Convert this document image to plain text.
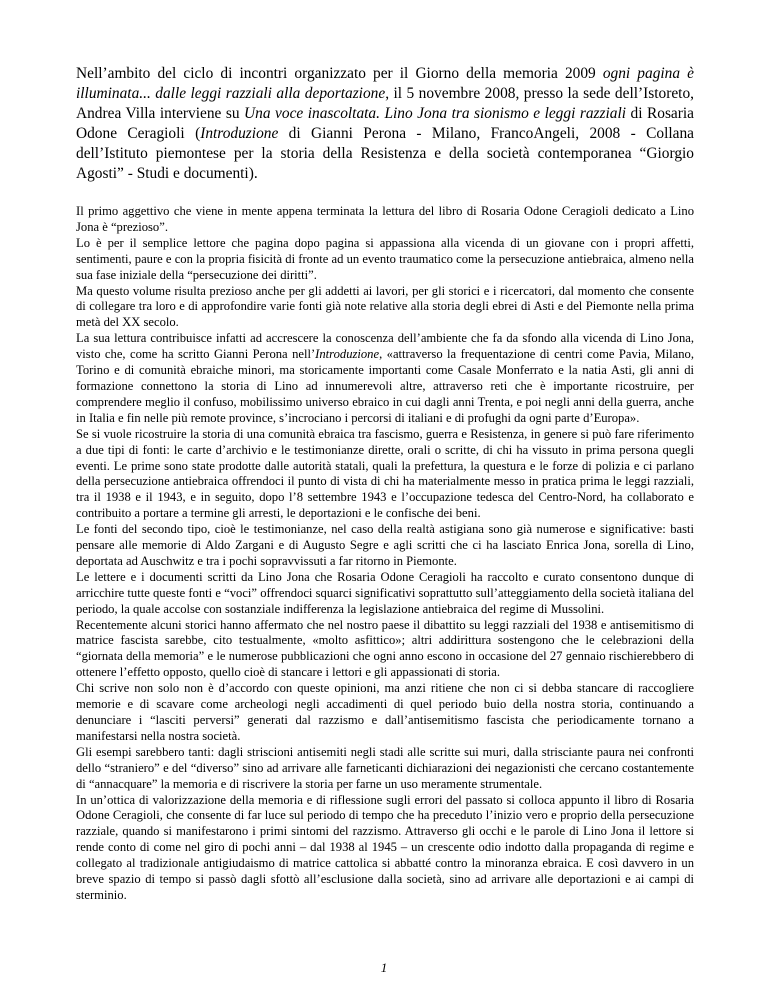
Nell’ambito del ciclo di incontri organizzato per il Giorno della memoria 2009 ogni pagina è illuminata... dalle leggi razziali alla deportazione, il 5 novembre 2008, presso la sede dell’Istoreto, Andrea Villa interviene su Una voce inascoltata. Lino Jona tra sionismo e leggi razziali di Rosaria Odone Ceragioli (Introduzione di Gianni Perona - Milano, FrancoAngeli, 2008 - Collana dell’Istituto piemontese per la storia della Resistenza e della società contemporanea “Giorgio Agosti” - Studi e documenti).

Il primo aggettivo che viene in mente appena terminata la lettura del libro di Rosaria Odone Ceragioli dedicato a Lino Jona è “prezioso”.

Lo è per il semplice lettore che pagina dopo pagina si appassiona alla vicenda di un giovane con i propri affetti, sentimenti, paure e con la propria fisicità di fronte ad un evento traumatico come la persecuzione antiebraica, almeno nella sua fase iniziale della “persecuzione dei diritti”.

Ma questo volume risulta prezioso anche per gli addetti ai lavori, per gli storici e i ricercatori, dal momento che consente di collegare tra loro e di approfondire varie fonti già note relative alla storia degli ebrei di Asti e del Piemonte nella prima metà del XX secolo.

La sua lettura contribuisce infatti ad accrescere la conoscenza dell’ambiente che fa da sfondo alla vicenda di Lino Jona, visto che, come ha scritto Gianni Perona nell’Introduzione, «attraverso la frequentazione di centri come Pavia, Milano, Torino e di comunità ebraiche minori, ma storicamente importanti come Casale Monferrato e la natia Asti, gli anni di formazione connettono la storia di Lino ad innumerevoli altre, attraverso reti che è importante ricostruire, per comprendere meglio il confuso, mobilissimo universo ebraico in cui dagli anni Trenta, e poi negli anni della guerra, anche in Italia e fin nelle più remote province, s’incrociano i percorsi di italiani e di profughi da ogni parte d’Europa».

Se si vuole ricostruire la storia di una comunità ebraica tra fascismo, guerra e Resistenza, in genere si può fare riferimento a due tipi di fonti: le carte d’archivio e le testimonianze dirette, orali o scritte, di chi ha vissuto in prima persona quegli eventi. Le prime sono state prodotte dalle autorità statali, quali la prefettura, la questura e le forze di polizia e ci parlano della persecuzione antiebraica offrendoci il punto di vista di chi ha materialmente messo in pratica prima le leggi razziali, tra il 1938 e il 1943, e in seguito, dopo l’8 settembre 1943 e l’occupazione tedesca del Centro-Nord, ha collaborato e contribuito a portare a termine gli arresti, le deportazioni e le confische dei beni.

Le fonti del secondo tipo, cioè le testimonianze, nel caso della realtà astigiana sono già numerose e significative: basti pensare alle memorie di Aldo Zargani e di Augusto Segre e agli scritti che ci ha lasciato Enrica Jona, sorella di Lino, deportata ad Auschwitz e tra i pochi sopravvissuti a far ritorno in Piemonte.

Le lettere e i documenti scritti da Lino Jona che Rosaria Odone Ceragioli ha raccolto e curato consentono dunque di arricchire tutte queste fonti e “voci” offrendoci squarci significativi soprattutto sull’atteggiamento della società italiana del periodo, la quale accolse con sostanziale indifferenza la legislazione antiebraica del regime di Mussolini.

Recentemente alcuni storici hanno affermato che nel nostro paese il dibattito su leggi razziali del 1938 e antisemitismo di matrice fascista sarebbe, cito testualmente, «molto asfittico»; altri addirittura sostengono che le celebrazioni della “giornata della memoria” e le numerose pubblicazioni che ogni anno escono in occasione del 27 gennaio rischierebbero di ottenere l’effetto opposto, quello cioè di stancare i lettori e gli appassionati di storia.

Chi scrive non solo non è d’accordo con queste opinioni, ma anzi ritiene che non ci si debba stancare di raccogliere memorie e di scavare come archeologi negli accadimenti di quel periodo buio della nostra storia, continuando a denunciare i “lasciti perversi” generati dal razzismo e dall’antisemitismo fascista che periodicamente tornano a manifestarsi nella nostra società.

Gli esempi sarebbero tanti: dagli striscioni antisemiti negli stadi alle scritte sui muri, dalla strisciante paura nei confronti dello “straniero” e del “diverso” sino ad arrivare alle farneticanti dichiarazioni dei negazionisti che cercano costantemente di “annacquare” la memoria e di riscrivere la storia per farne un uso meramente strumentale.

In un’ottica di valorizzazione della memoria e di riflessione sugli errori del passato si colloca appunto il libro di Rosaria Odone Ceragioli, che consente di far luce sul periodo di tempo che ha preceduto l’inizio vero e proprio della persecuzione razziale, quando si manifestarono i primi sintomi del razzismo. Attraverso gli occhi e le parole di Lino Jona il lettore si rende conto di come nel giro di pochi anni – dal 1938 al 1945 – un crescente odio indotto dalla propaganda di regime e collegato al tradizionale antigiudaismo di matrice cattolica si abbatté contro la minoranza ebraica. E così davvero in un breve spazio di tempo si passò dagli sfottò all’esclusione dalla società, sino ad arrivare alle deportazioni e ai campi di sterminio.

1
